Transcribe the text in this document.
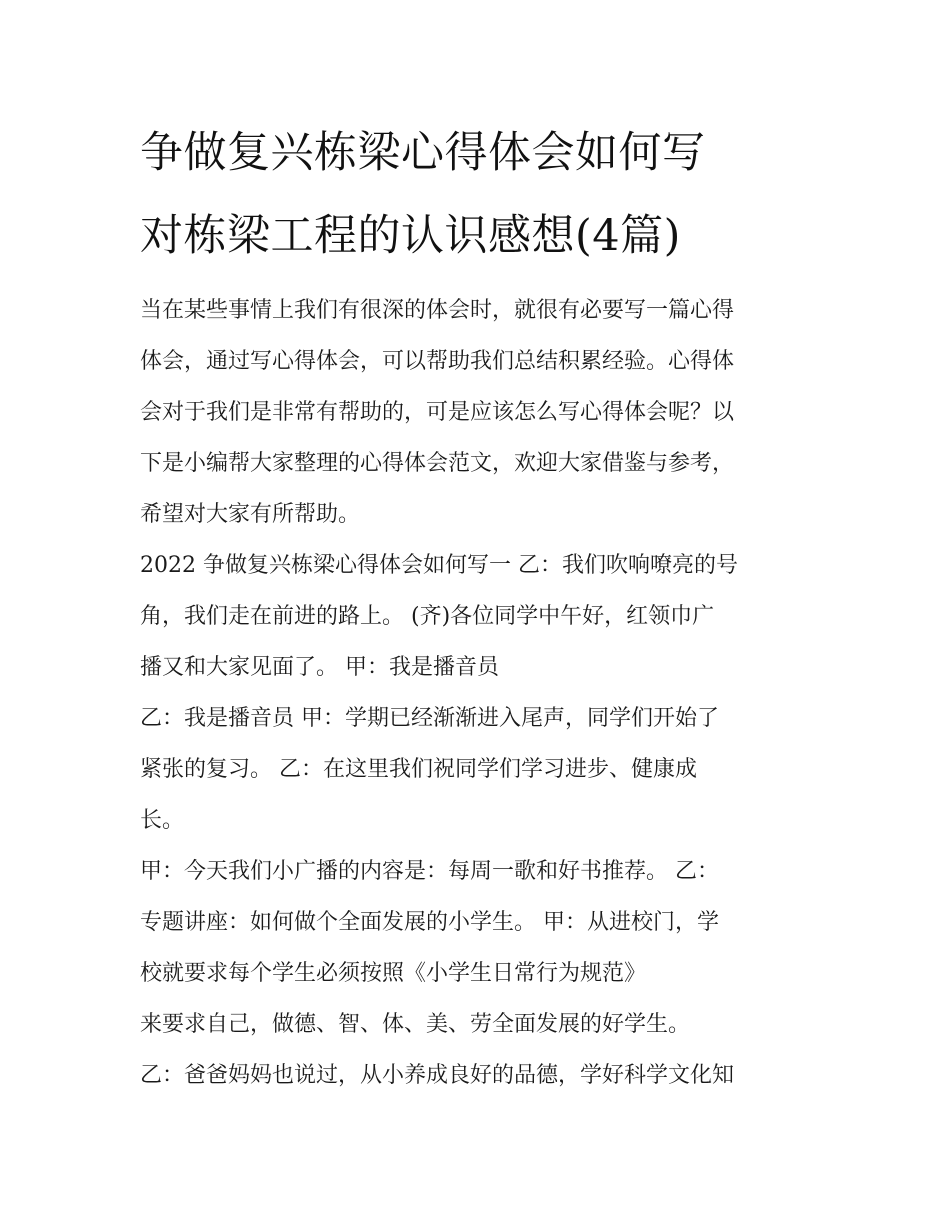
争做复兴栋梁心得体会如何写
对栋梁工程的认识感想(4篇)
当在某些事情上我们有很深的体会时，就很有必要写一篇心得
体会，通过写心得体会，可以帮助我们总结积累经验。心得体
会对于我们是非常有帮助的，可是应该怎么写心得体会呢？以
下是小编帮大家整理的心得体会范文，欢迎大家借鉴与参考，
希望对大家有所帮助。
2022 争做复兴栋梁心得体会如何写一 乙：我们吹响嘹亮的号
角，我们走在前进的路上。 (齐)各位同学中午好，红领巾广
播又和大家见面了。 甲：我是播音员
乙：我是播音员 甲：学期已经渐渐进入尾声，同学们开始了
紧张的复习。 乙：在这里我们祝同学们学习进步、健康成
长。
甲：今天我们小广播的内容是：每周一歌和好书推荐。 乙：
专题讲座：如何做个全面发展的小学生。 甲：从进校门，学
校就要求每个学生必须按照《小学生日常行为规范》
来要求自己，做德、智、体、美、劳全面发展的好学生。
乙：爸爸妈妈也说过，从小养成良好的品德，学好科学文化知
